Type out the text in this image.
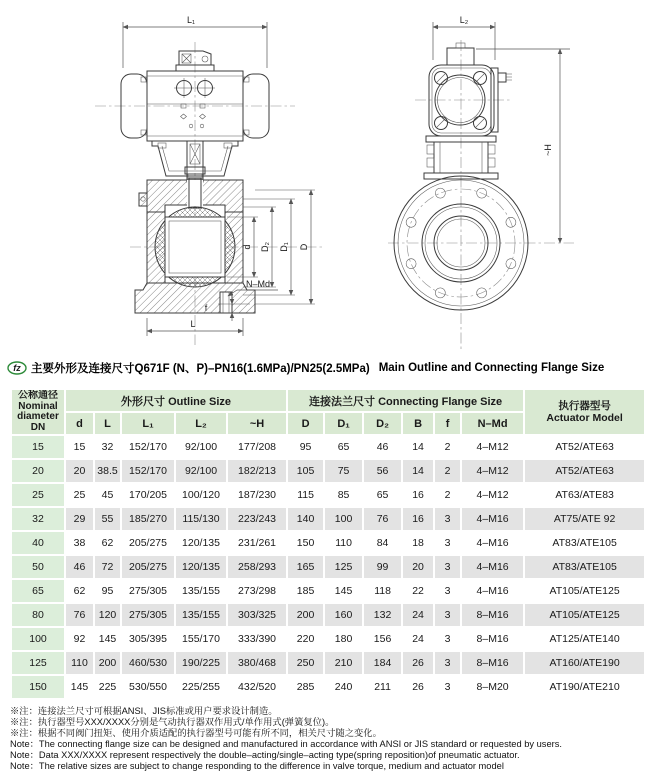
L₁
d D₂ D₁ D
N–Md
f
L
L₂
~H
fz 主要外形及连接尺寸Q671F (N、P)–PN16(1.6MPa)/PN25(2.5MPa) Main Outline and Connecting Flange Size
公称通径
Nominal
diameter
DN	外形尺寸 Outline Size					连接法兰尺寸 Connecting Flange Size						执行器型号
Actuator Model

	d	L	L₁	L₂	~H	D	D₁	D₂	B	f	N–Md	
15	15	32	152/170	92/100	177/208	95	65	46	14	2	4–M12	AT52/ATE63
20	20	38.5	152/170	92/100	182/213	105	75	56	14	2	4–M12	AT52/ATE63
25	25	45	170/205	100/120	187/230	115	85	65	16	2	4–M12	AT63/ATE83
32	29	55	185/270	115/130	223/243	140	100	76	16	3	4–M16	AT75/ATE 92
40	38	62	205/275	120/135	231/261	150	110	84	18	3	4–M16	AT83/ATE105
50	46	72	205/275	120/135	258/293	165	125	99	20	3	4–M16	AT83/ATE105
65	62	95	275/305	135/155	273/298	185	145	118	22	3	4–M16	AT105/ATE125
80	76	120	275/305	135/155	303/325	200	160	132	24	3	8–M16	AT105/ATE125
100	92	145	305/395	155/170	333/390	220	180	156	24	3	8–M16	AT125/ATE140
125	110	200	460/530	190/225	380/468	250	210	184	26	3	8–M16	AT160/ATE190
150	145	225	530/550	225/255	432/520	285	240	211	26	3	8–M20	AT190/ATE210
※注：连接法兰尺寸可根据ANSI、JIS标准或用户要求设计制造。
※注：执行器型号XXX/XXXX分别是气动执行器双作用式/单作用式(弹簧复位)。
※注：根据不同阀门扭矩、使用介质适配的执行器型号可能有所不同，相关尺寸随之变化。
Note：The connecting flange size can be designed and manufactured in accordance with ANSI or JIS standard or requested by users.
Note：Data XXX/XXXX represent respectively the double–acting/single–acting type(spring reposition)of pneumatic actuator.
Note：The relative sizes are subject to change responding to the difference in valve torque, medium and actuator model
